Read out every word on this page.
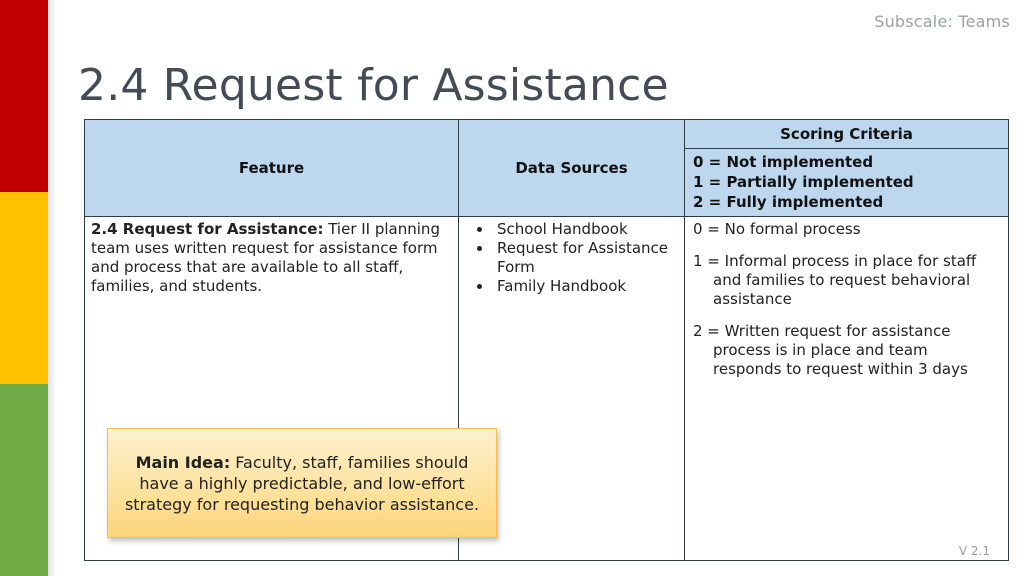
Subscale: Teams
2.4 Request for Assistance
Feature	Data Sources
Scoring Criteria
0 = Not implemented
1 = Partially implemented
2 = Fully implemented
2.4 Request for Assistance: Tier II planning team uses written request for assistance form and process that are available to all staff, families, and students.
• School Handbook
• Request for Assistance Form
• Family Handbook

0 = No formal process

1 = Informal process in place for staff and families to request behavioral assistance

2 = Written request for assistance process is in place and team responds to request within 3 days

Main Idea: Faculty, staff, families should have a highly predictable, and low-effort strategy for requesting behavior assistance.
V 2.1
